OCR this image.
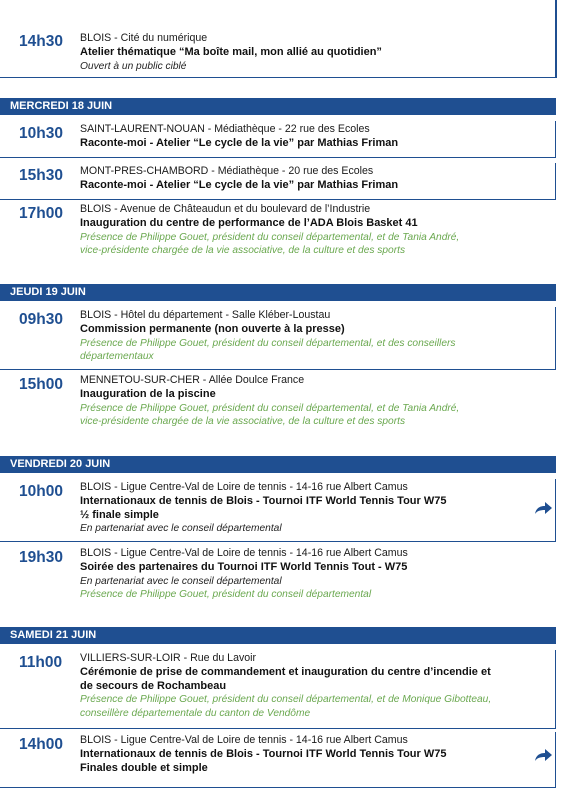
14h30 BLOIS - Cité du numérique
Atelier thématique “Ma boîte mail, mon allié au quotidien”
Ouvert à un public ciblé
MERCREDI 18 JUIN
10h30 SAINT-LAURENT-NOUAN - Médiathèque - 22 rue des Ecoles
Raconte-moi - Atelier “Le cycle de la vie” par Mathias Friman
15h30 MONT-PRES-CHAMBORD - Médiathèque - 20 rue des Ecoles
Raconte-moi - Atelier “Le cycle de la vie” par Mathias Friman
17h00 BLOIS - Avenue de Châteaudun et du boulevard de l’Industrie
Inauguration du centre de performance de l’ADA Blois Basket 41
Présence de Philippe Gouet, président du conseil départemental, et de Tania André,
vice-présidente chargée de la vie associative, de la culture et des sports
JEUDI 19 JUIN
09h30 BLOIS - Hôtel du département - Salle Kléber-Loustau
Commission permanente (non ouverte à la presse)
Présence de Philippe Gouet, président du conseil départemental, et des conseillers
départementaux
15h00 MENNETOU-SUR-CHER - Allée Doulce France
Inauguration de la piscine
Présence de Philippe Gouet, président du conseil départemental, et de Tania André,
vice-présidente chargée de la vie associative, de la culture et des sports
VENDREDI 20 JUIN
10h00 BLOIS - Ligue Centre-Val de Loire de tennis - 14-16 rue Albert Camus
Internationaux de tennis de Blois - Tournoi ITF World Tennis Tour W75
½ finale simple
En partenariat avec le conseil départemental
19h30 BLOIS - Ligue Centre-Val de Loire de tennis - 14-16 rue Albert Camus
Soirée des partenaires du Tournoi ITF World Tennis Tout - W75
En partenariat avec le conseil départemental
Présence de Philippe Gouet, président du conseil départemental
SAMEDI 21 JUIN
11h00 VILLIERS-SUR-LOIR - Rue du Lavoir
Cérémonie de prise de commandement et inauguration du centre d’incendie et
de secours de Rochambeau
Présence de Philippe Gouet, président du conseil départemental, et de Monique Gibotteau,
conseillère départementale du canton de Vendôme
14h00 BLOIS - Ligue Centre-Val de Loire de tennis - 14-16 rue Albert Camus
Internationaux de tennis de Blois - Tournoi ITF World Tennis Tour W75
Finales double et simple
